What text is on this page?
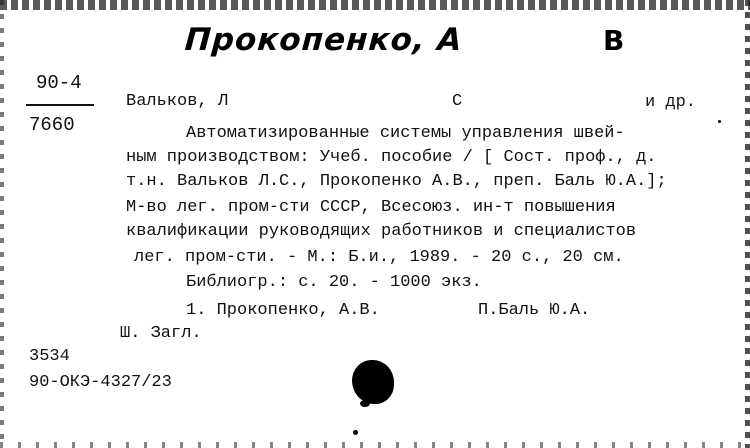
Прокопенко, А	В
90-4
7660
Вальков, Л	С	и др.
Автоматизированные системы управления швей-
ным производством: Учеб. пособие / [ Сост. проф., д.
т.н. Вальков Л.С., Прокопенко А.В., преп. Баль Ю.А.];
М-во лег. пром-сти СССР, Всесоюз. ин-т повышения
квалификации руководящих работников и специалистов
лег. пром-сти. - М.: Б.и., 1989. - 20 с., 20 см.
Библиогр.: с. 20. - 1000 экз.
1. Прокопенко, А.В.	П.Баль Ю.А.
Ш. Загл.
3534
90-ОКЭ-4327/23
